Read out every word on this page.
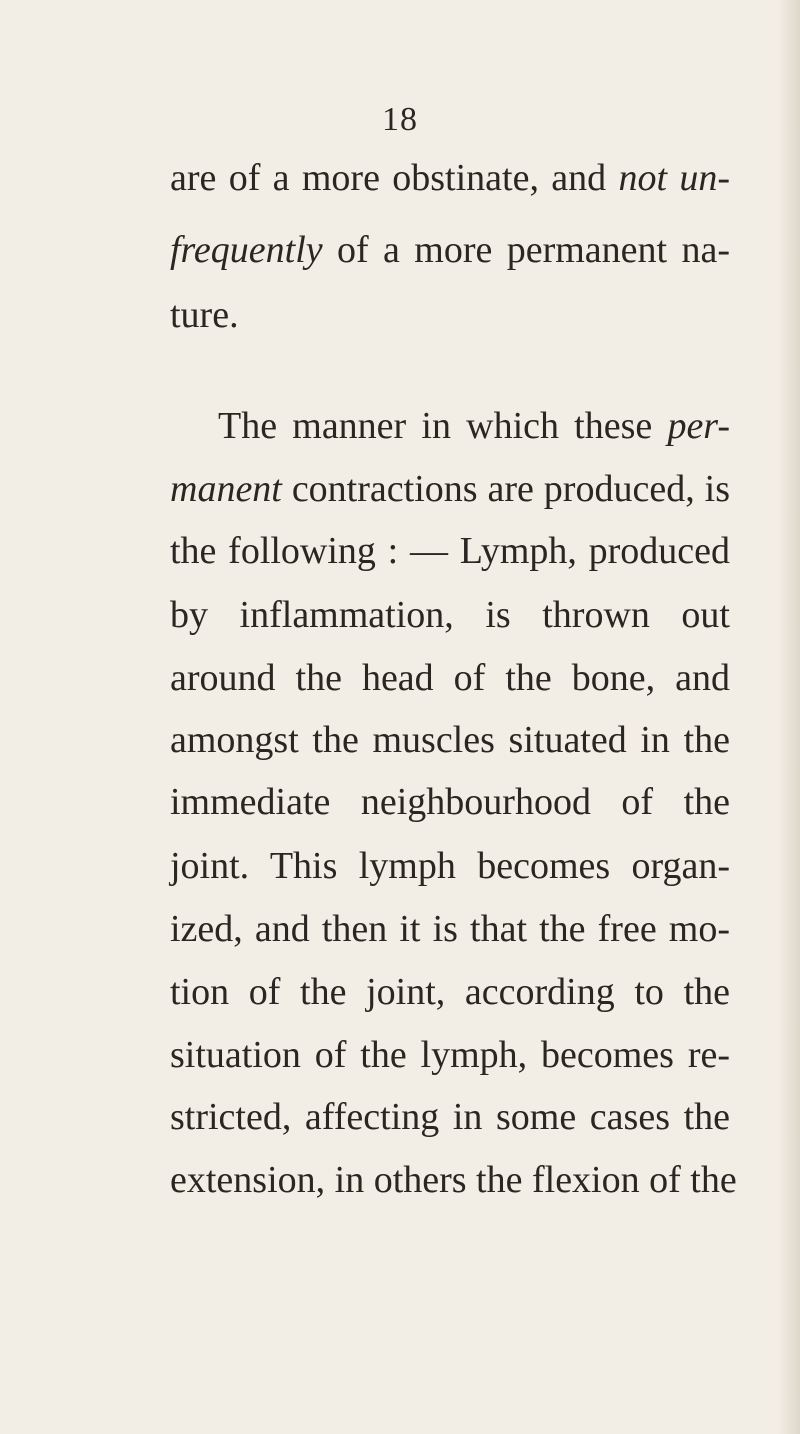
18
are of a more obstinate, and not un-
frequently of a more permanent na-
ture.
The manner in which these per-
manent contractions are produced, is
the following : — Lymph, produced
by inflammation, is thrown out
around the head of the bone, and
amongst the muscles situated in the
immediate neighbourhood of the
joint. This lymph becomes organ-
ized, and then it is that the free mo-
tion of the joint, according to the
situation of the lymph, becomes re-
stricted, affecting in some cases the
extension, in others the flexion of the
